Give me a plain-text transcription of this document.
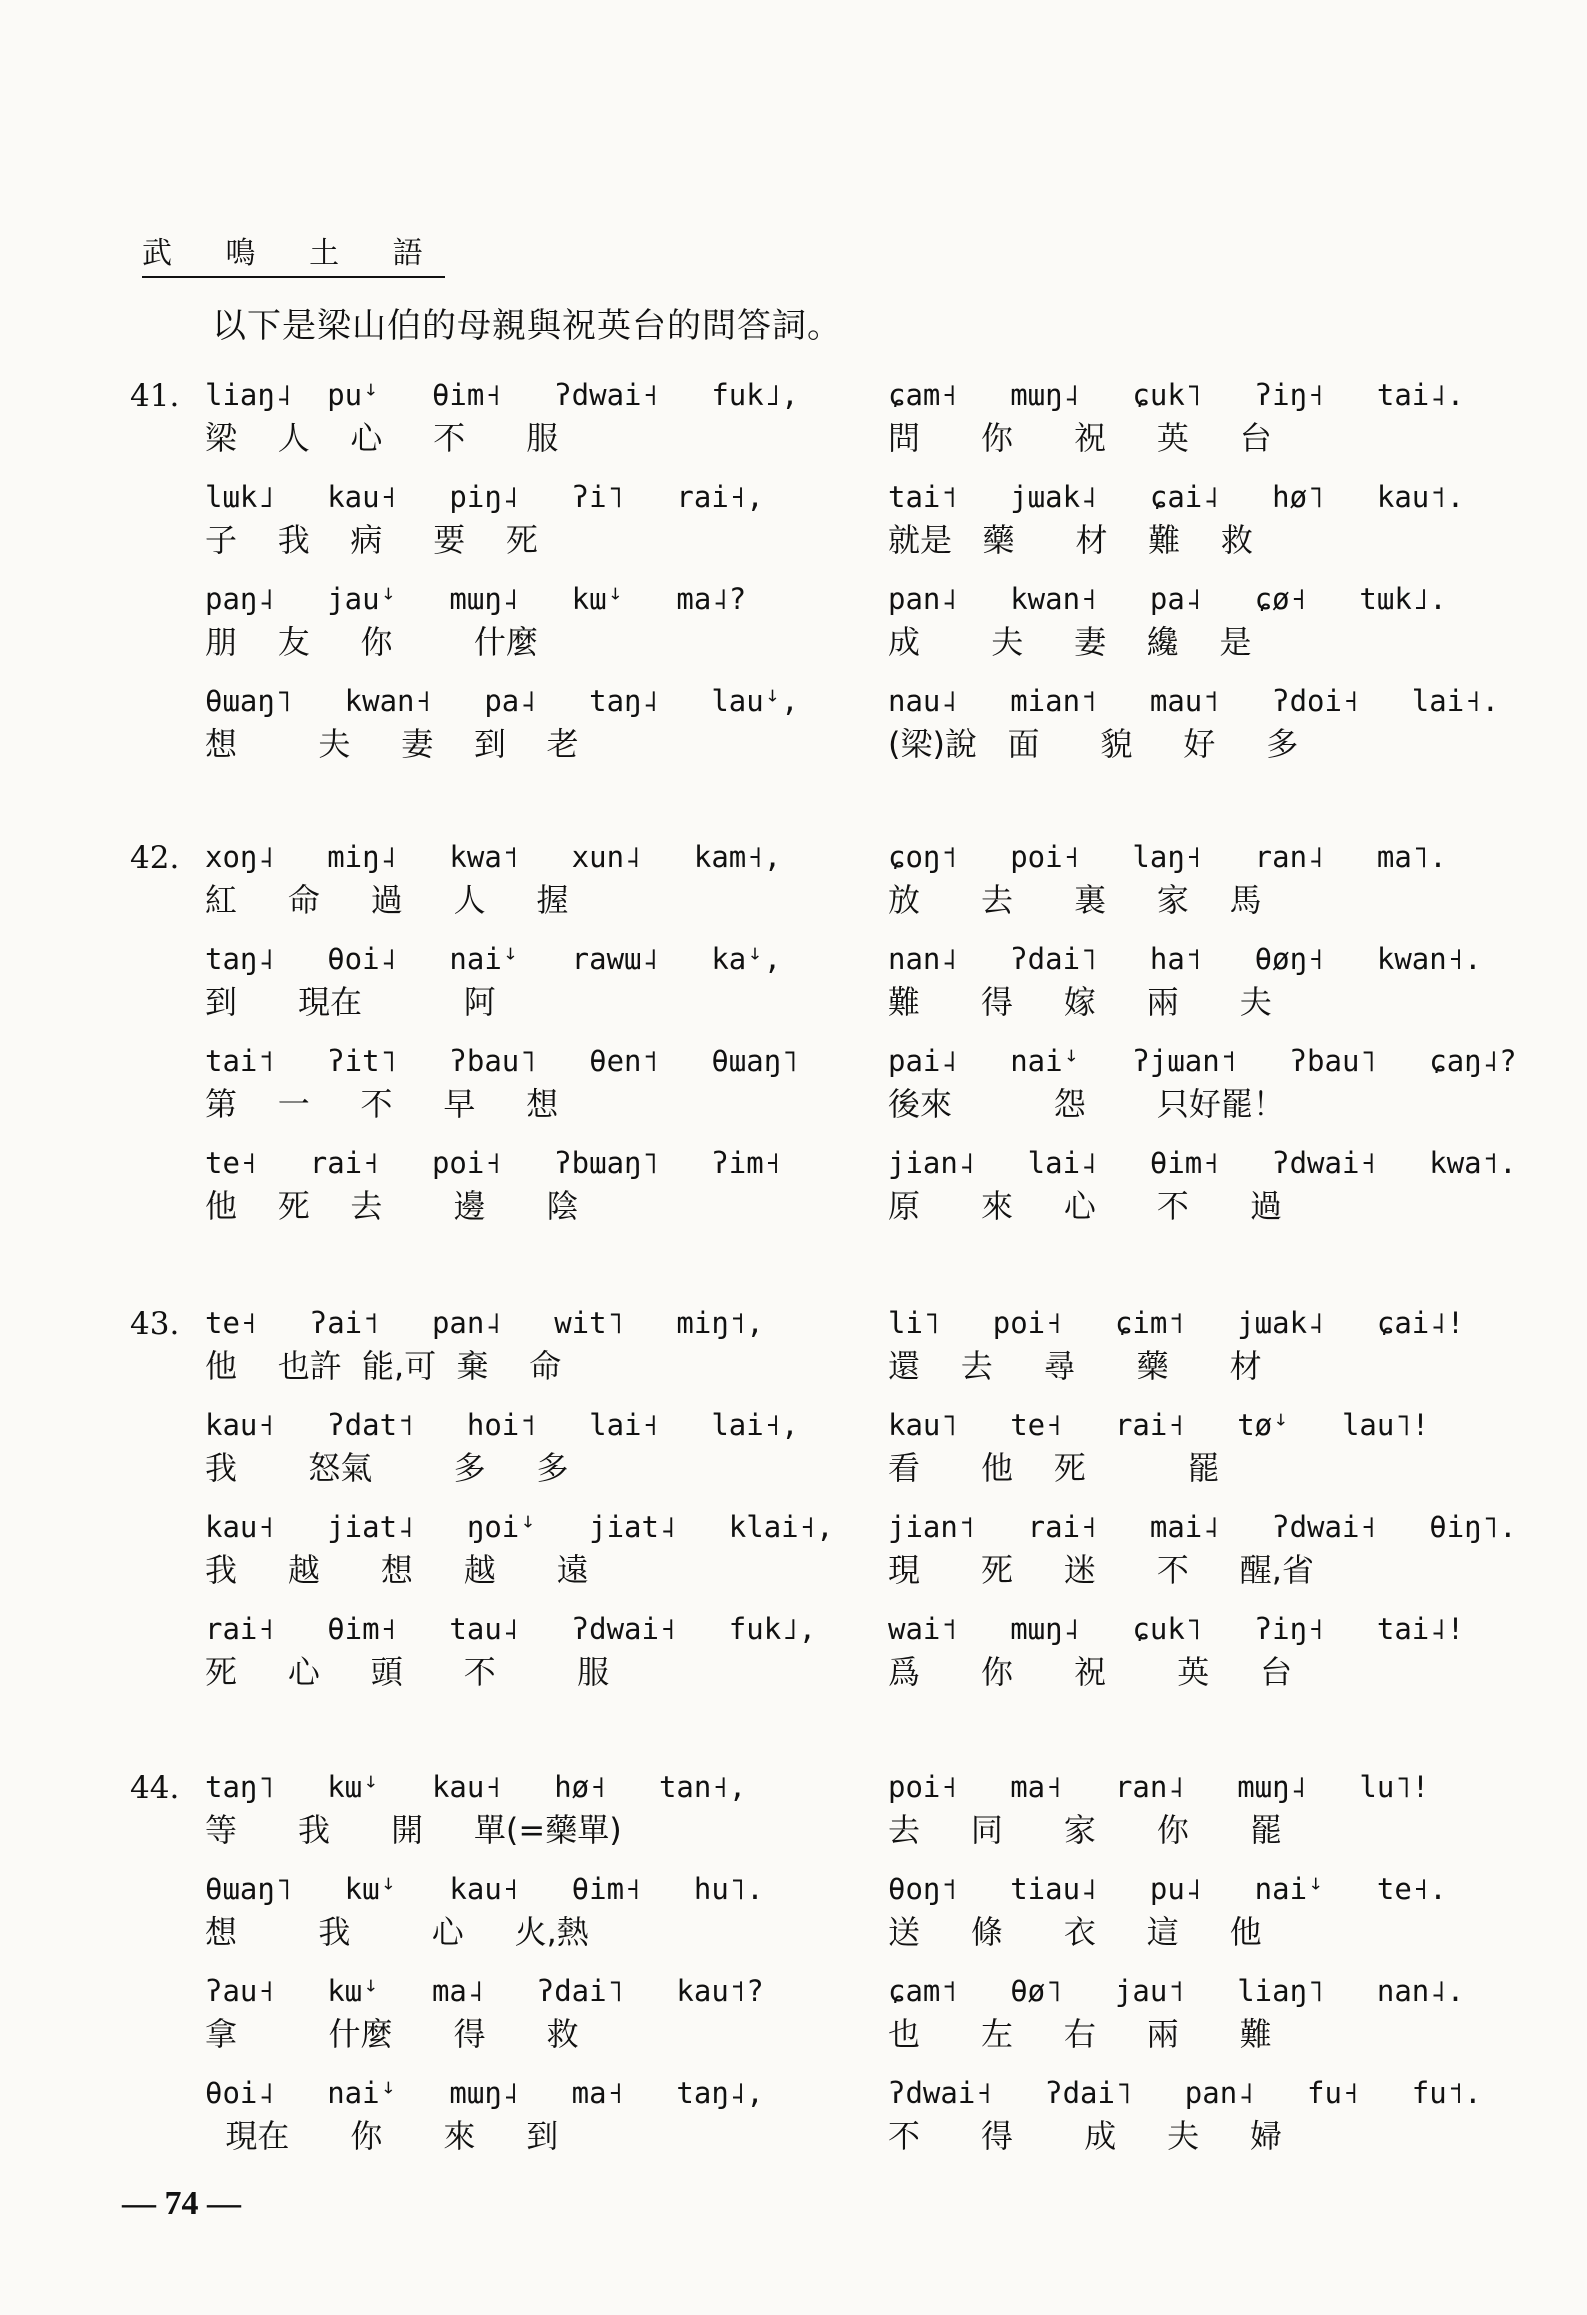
武 鳴 土 語
以下是梁山伯的母親與祝英台的問答詞。
41. liaŋ˨  puꜜ   θim˧   ʔdwai˧   fuk˩,
梁    人    心     不      服
lɯk˩   kau˧   piŋ˨   ʔi˥   rai˧,
子    我    病     要    死
paŋ˨   jauꜜ   mɯŋ˨   kɯꜜ   ma˨?
朋    友     你        什麼
θɯaŋ˥   kwan˧   pa˨   taŋ˨   lauꜜ,
想        夫     妻    到    老
ɕam˧   mɯŋ˨   ɕuk˥   ʔiŋ˧   tai˨.
問      你      祝     英     台
tai˦   jɯak˨   ɕai˨   hø˥   kau˦.
就是   藥      材    難    救
pan˨   kwan˧   pa˨   ɕø˧   tɯk˩.
成       夫     妻    纔    是
nau˨   mian˦   mau˦   ʔdoi˧   lai˧.
(梁)說   面      貌     好     多
42. xoŋ˨   miŋ˨   kwa˦   xun˨   kam˧,
紅     命     過     人     握
taŋ˨   θoi˨   naiꜜ   rawɯ˨   kaꜜ,
到      現在          阿
tai˦   ʔit˥   ʔbau˥   θen˦   θɯaŋ˥
第    一     不     早     想
te˧   rai˧   poi˧   ʔbɯaŋ˥   ʔim˧
他    死    去       邊      陰
ɕoŋ˦   poi˧   laŋ˧   ran˨   ma˥.
放      去      裏     家    馬
nan˨   ʔdai˥   ha˦   θøŋ˧   kwan˧.
難      得     嫁     兩      夫
pai˨   naiꜜ   ʔjɯan˦   ʔbau˥   ɕaŋ˨?
後來          怨       只好罷！
jian˨   lai˨   θim˧   ʔdwai˧   kwa˦.
原      來     心      不      過
43. te˧   ʔai˦   pan˨   wit˥   miŋ˦,
他    也許  能,可  棄    命
kau˧   ʔdat˦   hoi˦   lai˧   lai˧,
我       怒氣        多     多
kau˧   jiat˨   ŋoiꜜ   jiat˨   klai˧,
我     越      想     越      遠
rai˧   θim˧   tau˨   ʔdwai˧   fuk˩,
死     心     頭      不        服
li˥   poi˧   ɕim˦   jɯak˨   ɕai˨!
還    去     尋      藥      材
kau˥   te˧   rai˧   tøꜜ   lau˥!
看      他    死          罷
jian˦   rai˧   mai˨   ʔdwai˧   θiŋ˥.
現      死     迷      不     醒,省
wai˦   mɯŋ˨   ɕuk˥   ʔiŋ˧   tai˨!
爲      你      祝       英     台
44. taŋ˥   kɯꜜ   kau˧   hø˧   tan˧,
等      我      開     單(=藥單)
θɯaŋ˥   kɯꜜ   kau˧   θim˧   hu˥.
想        我        心     火,熱
ʔau˧   kɯꜜ   ma˨   ʔdai˥   kau˦?
拿         什麼      得      救
θoi˨   naiꜜ   mɯŋ˨   ma˧   taŋ˨,
現在      你      來     到
poi˧   ma˧   ran˨   mɯŋ˨   lu˥!
去     同      家      你      罷
θoŋ˦   tiau˨   pu˨   naiꜜ   te˧.
送     條      衣     這     他
ɕam˦   θø˥   jau˦   liaŋ˥   nan˨.
也      左     右     兩      難
ʔdwai˧   ʔdai˥   pan˨   fu˧   fu˦.
不      得       成     夫     婦
— 74 —
